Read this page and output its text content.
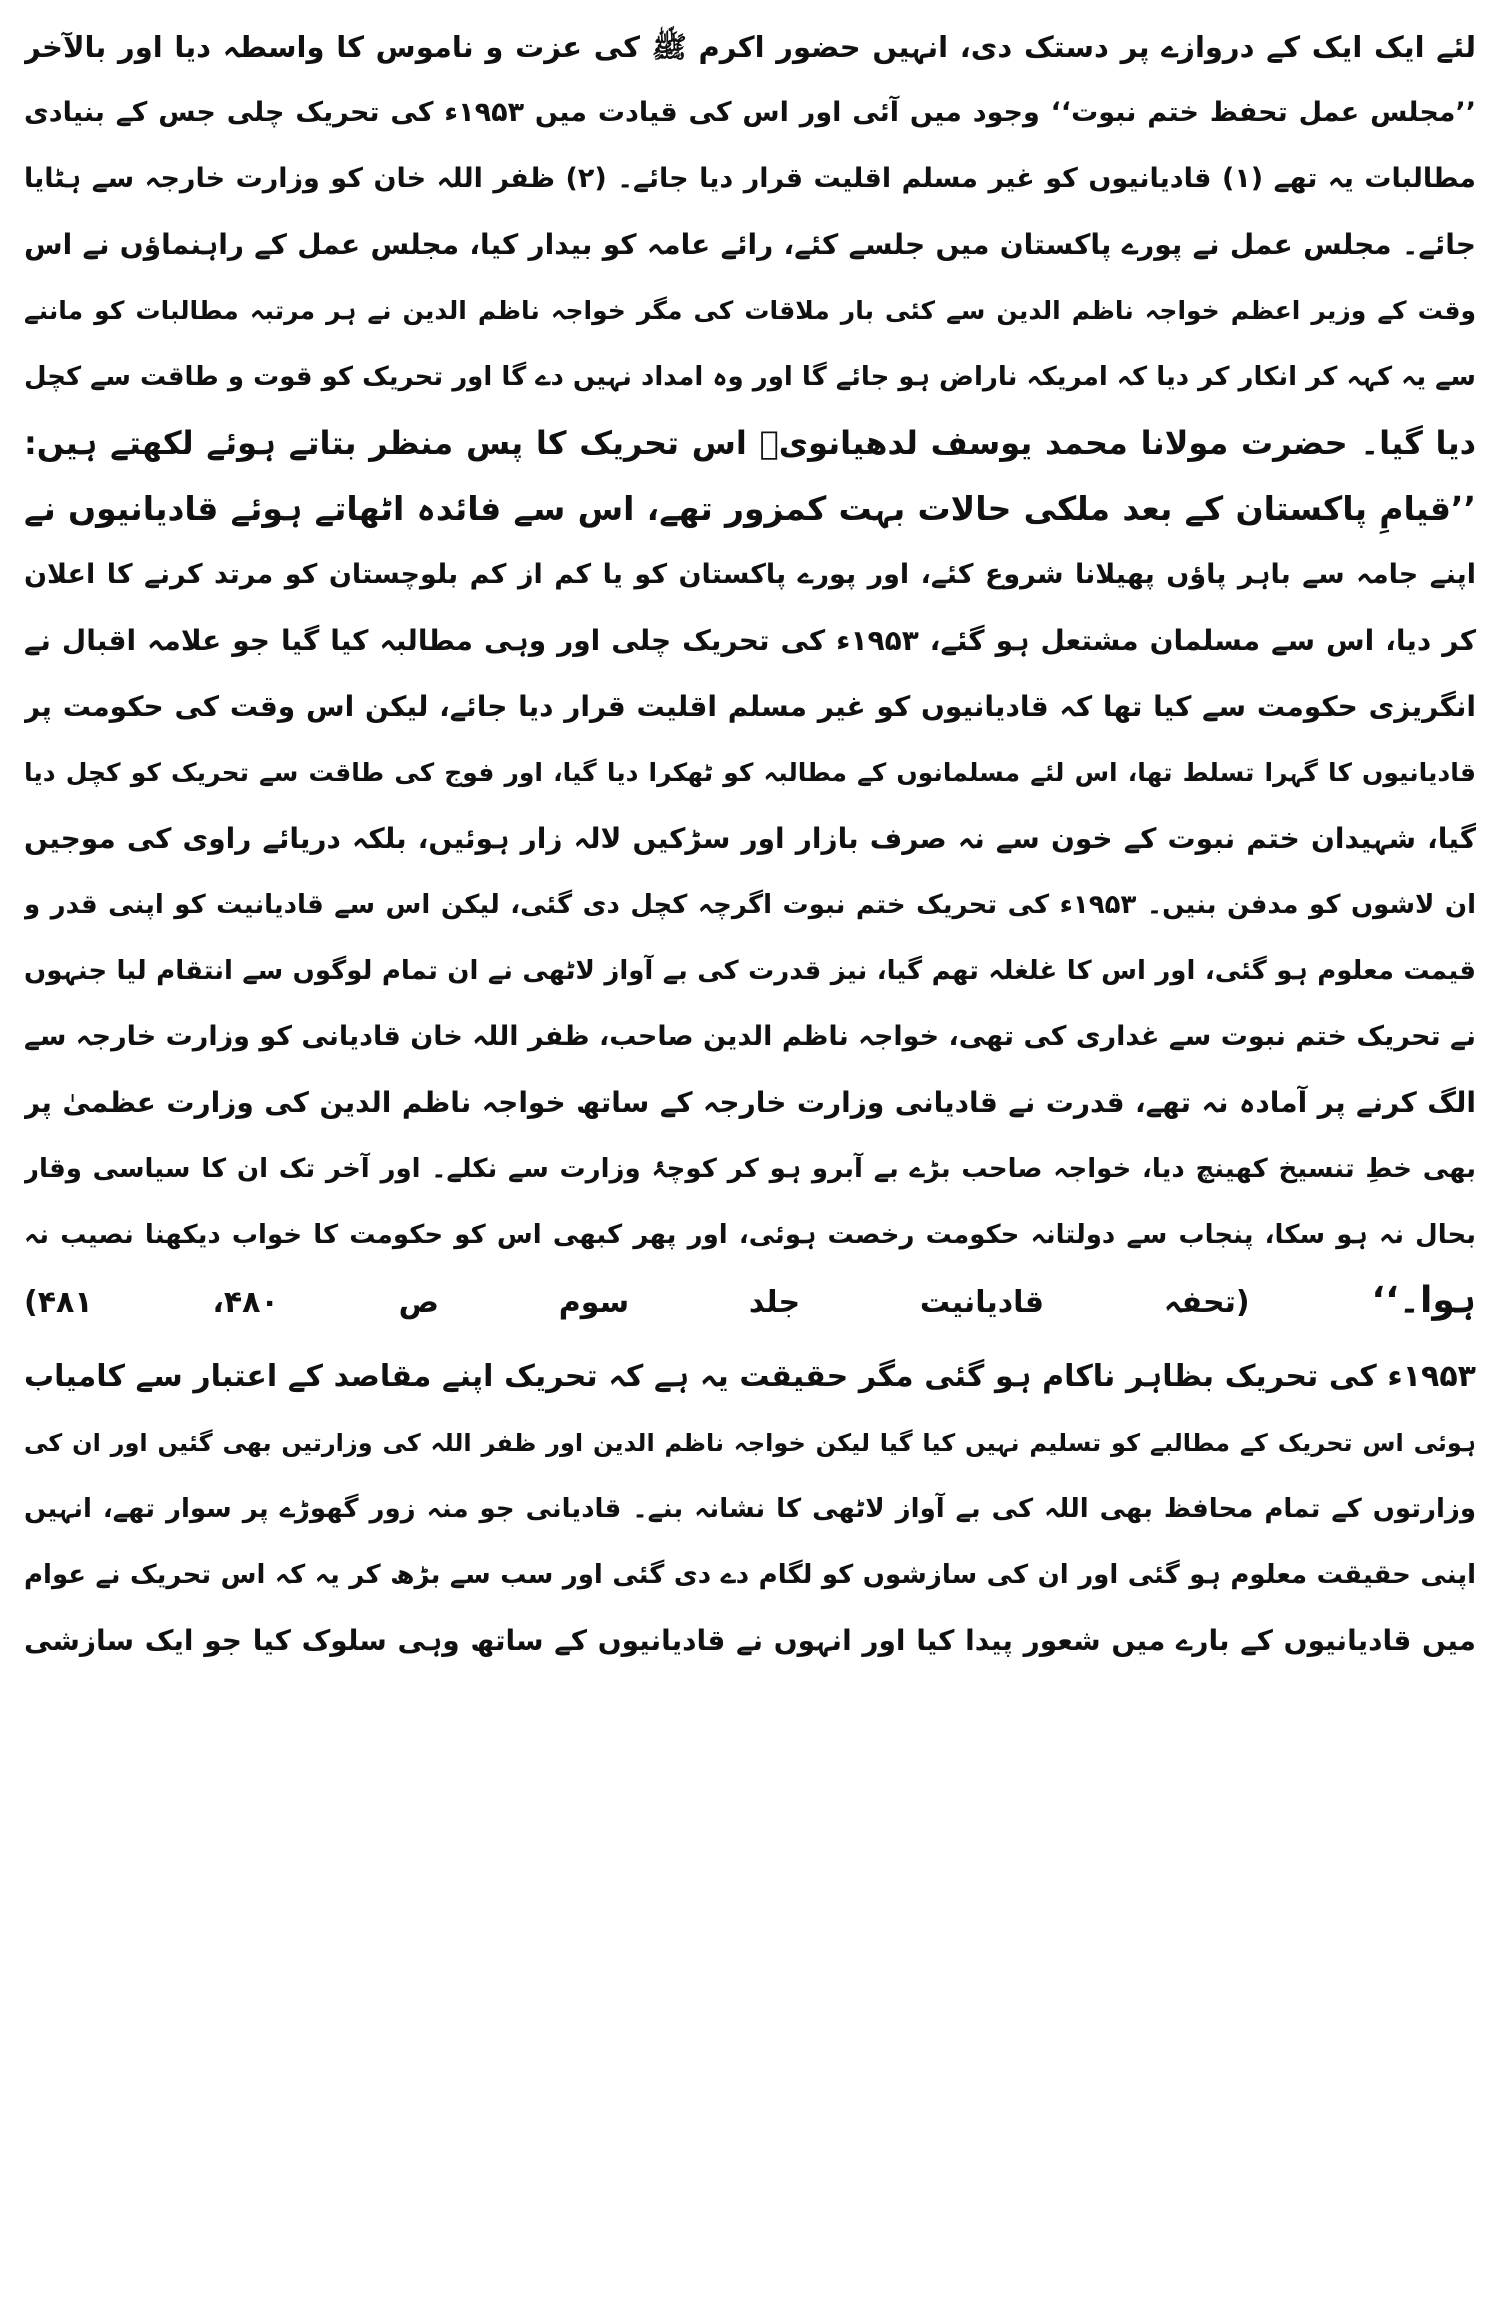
لئے ایک ایک کے دروازے پر دستک دی، انہیں حضور اکرم ﷺ کی عزت و ناموس کا واسطہ دیا اور بالآخر
’’مجلس عمل تحفظ ختم نبوت‘‘ وجود میں آئی اور اس کی قیادت میں ۱۹۵۳ء کی تحریک چلی جس کے بنیادی
مطالبات یہ تھے (۱) قادیانیوں کو غیر مسلم اقلیت قرار دیا جائے۔ (۲) ظفر اللہ خان کو وزارت خارجہ سے ہٹایا
جائے۔ مجلس عمل نے پورے پاکستان میں جلسے کئے، رائے عامہ کو بیدار کیا، مجلس عمل کے راہنماؤں نے اس
وقت کے وزیر اعظم خواجہ ناظم الدین سے کئی بار ملاقات کی مگر خواجہ ناظم الدین نے ہر مرتبہ مطالبات کو ماننے
سے یہ کہہ کر انکار کر دیا کہ امریکہ ناراض ہو جائے گا اور وہ امداد نہیں دے گا اور تحریک کو قوت و طاقت سے کچل
دیا گیا۔ حضرت مولانا محمد یوسف لدھیانویؒ اس تحریک کا پس منظر بتاتے ہوئے لکھتے ہیں:
’’قیامِ پاکستان کے بعد ملکی حالات بہت کمزور تھے، اس سے فائدہ اٹھاتے ہوئے قادیانیوں نے
اپنے جامہ سے باہر پاؤں پھیلانا شروع کئے، اور پورے پاکستان کو یا کم از کم بلوچستان کو مرتد کرنے کا اعلان
کر دیا، اس سے مسلمان مشتعل ہو گئے، ۱۹۵۳ء کی تحریک چلی اور وہی مطالبہ کیا گیا جو علامہ اقبال نے
انگریزی حکومت سے کیا تھا کہ قادیانیوں کو غیر مسلم اقلیت قرار دیا جائے، لیکن اس وقت کی حکومت پر
قادیانیوں کا گہرا تسلط تھا، اس لئے مسلمانوں کے مطالبہ کو ٹھکرا دیا گیا، اور فوج کی طاقت سے تحریک کو کچل دیا
گیا، شہیدان ختم نبوت کے خون سے نہ صرف بازار اور سڑکیں لالہ زار ہوئیں، بلکہ دریائے راوی کی موجیں
ان لاشوں کو مدفن بنیں۔ ۱۹۵۳ء کی تحریک ختم نبوت اگرچہ کچل دی گئی، لیکن اس سے قادیانیت کو اپنی قدر و
قیمت معلوم ہو گئی، اور اس کا غلغلہ تھم گیا، نیز قدرت کی بے آواز لاٹھی نے ان تمام لوگوں سے انتقام لیا جنہوں
نے تحریک ختم نبوت سے غداری کی تھی، خواجہ ناظم الدین صاحب، ظفر اللہ خان قادیانی کو وزارت خارجہ سے
الگ کرنے پر آمادہ نہ تھے، قدرت نے قادیانی وزارت خارجہ کے ساتھ خواجہ ناظم الدین کی وزارت عظمیٰ پر
بھی خطِ تنسیخ کھینچ دیا، خواجہ صاحب بڑے بے آبرو ہو کر کوچۂ وزارت سے نکلے۔ اور آخر تک ان کا سیاسی وقار
بحال نہ ہو سکا، پنجاب سے دولتانہ حکومت رخصت ہوئی، اور پھر کبھی اس کو حکومت کا خواب دیکھنا نصیب نہ
ہوا۔‘‘ (تحفہ قادیانیت جلد سوم ص ۴۸۰، ۴۸۱)
۱۹۵۳ء کی تحریک بظاہر ناکام ہو گئی مگر حقیقت یہ ہے کہ تحریک اپنے مقاصد کے اعتبار سے کامیاب
ہوئی اس تحریک کے مطالبے کو تسلیم نہیں کیا گیا لیکن خواجہ ناظم الدین اور ظفر اللہ کی وزارتیں بھی گئیں اور ان کی
وزارتوں کے تمام محافظ بھی اللہ کی بے آواز لاٹھی کا نشانہ بنے۔ قادیانی جو منہ زور گھوڑے پر سوار تھے، انہیں
اپنی حقیقت معلوم ہو گئی اور ان کی سازشوں کو لگام دے دی گئی اور سب سے بڑھ کر یہ کہ اس تحریک نے عوام
میں قادیانیوں کے بارے میں شعور پیدا کیا اور انہوں نے قادیانیوں کے ساتھ وہی سلوک کیا جو ایک سازشی
